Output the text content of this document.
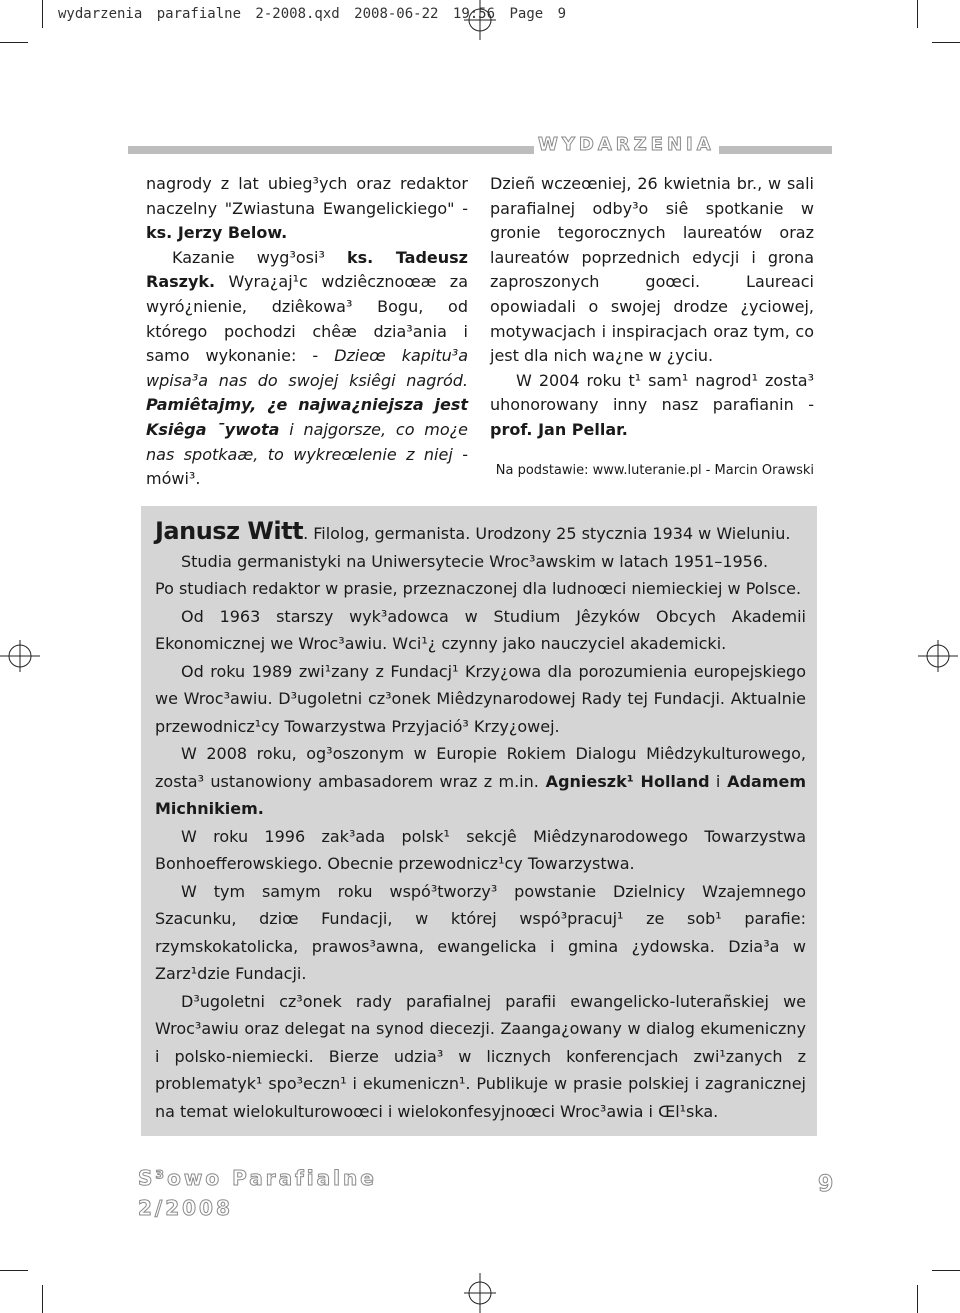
wydarzenia parafialne 2-2008.qxd 2008-06-22 19:56 Page 9
WYDARZENIA

nagrody z lat ubieg³ych oraz redaktor naczelny "Zwiastuna Ewangelickiego" - ks. Jerzy Below.

Kazanie wyg³osi³ ks. Tadeusz Raszyk. Wyra¿aj¹c wdziêcznoœæ za wyró¿nienie, dziêkowa³ Bogu, od którego pochodzi chêæ dzia³ania i samo wykonanie: - Dzieœ kapitu³a wpisa³a nas do swojej ksiêgi nagród. Pamiêtajmy, ¿e najwa¿niejsza jest Ksiêga ¯ywota i najgorsze, co mo¿e nas spotkaæ, to wykreœlenie z niej - mówi³.

Dzieñ wczeœniej, 26 kwietnia br., w sali parafialnej odby³o siê spotkanie w gronie tegorocznych laureatów oraz laureatów poprzednich edycji i grona zaproszonych goœci. Laureaci opowiadali o swojej drodze ¿yciowej, motywacjach i inspiracjach oraz tym, co jest dla nich wa¿ne w ¿yciu.

W 2004 roku t¹ sam¹ nagrod¹ zosta³ uhonorowany inny nasz parafianin - prof. Jan Pellar.

Na podstawie: www.luteranie.pl - Marcin Orawski

Janusz Witt. Filolog, germanista. Urodzony 25 stycznia 1934 w Wieluniu.

Studia germanistyki na Uniwersytecie Wroc³awskim w latach 1951–1956.

Po studiach redaktor w prasie, przeznaczonej dla ludnoœci niemieckiej w Polsce.

Od 1963 starszy wyk³adowca w Studium Jêzyków Obcych Akademii Ekonomicznej we Wroc³awiu. Wci¹¿ czynny jako nauczyciel akademicki.

Od roku 1989 zwi¹zany z Fundacj¹ Krzy¿owa dla porozumienia europejskiego we Wroc³awiu. D³ugoletni cz³onek Miêdzynarodowej Rady tej Fundacji. Aktualnie przewodnicz¹cy Towarzystwa Przyjació³ Krzy¿owej.

W 2008 roku, og³oszonym w Europie Rokiem Dialogu Miêdzykulturowego, zosta³ ustanowiony ambasadorem wraz z m.in. Agnieszk¹ Holland i Adamem Michnikiem.

W roku 1996 zak³ada polsk¹ sekcjê Miêdzynarodowego Towarzystwa Bonhoefferowskiego. Obecnie przewodnicz¹cy Towarzystwa.

W tym samym roku wspó³tworzy³ powstanie Dzielnicy Wzajemnego Szacunku, dziœ Fundacji, w której wspó³pracuj¹ ze sob¹ parafie: rzymskokatolicka, prawos³awna, ewangelicka i gmina ¿ydowska. Dzia³a w Zarz¹dzie Fundacji.

D³ugoletni cz³onek rady parafialnej parafii ewangelicko-luterañskiej we Wroc³awiu oraz delegat na synod diecezji. Zaanga¿owany w dialog ekumeniczny i polsko-niemiecki. Bierze udzia³ w licznych konferencjach zwi¹zanych z problematyk¹ spo³eczn¹ i ekumeniczn¹. Publikuje w prasie polskiej i zagranicznej na temat wielokulturowoœci i wielokonfesyjnoœci Wroc³awia i Œl¹ska.

S³owo Parafialne
2/2008
9
